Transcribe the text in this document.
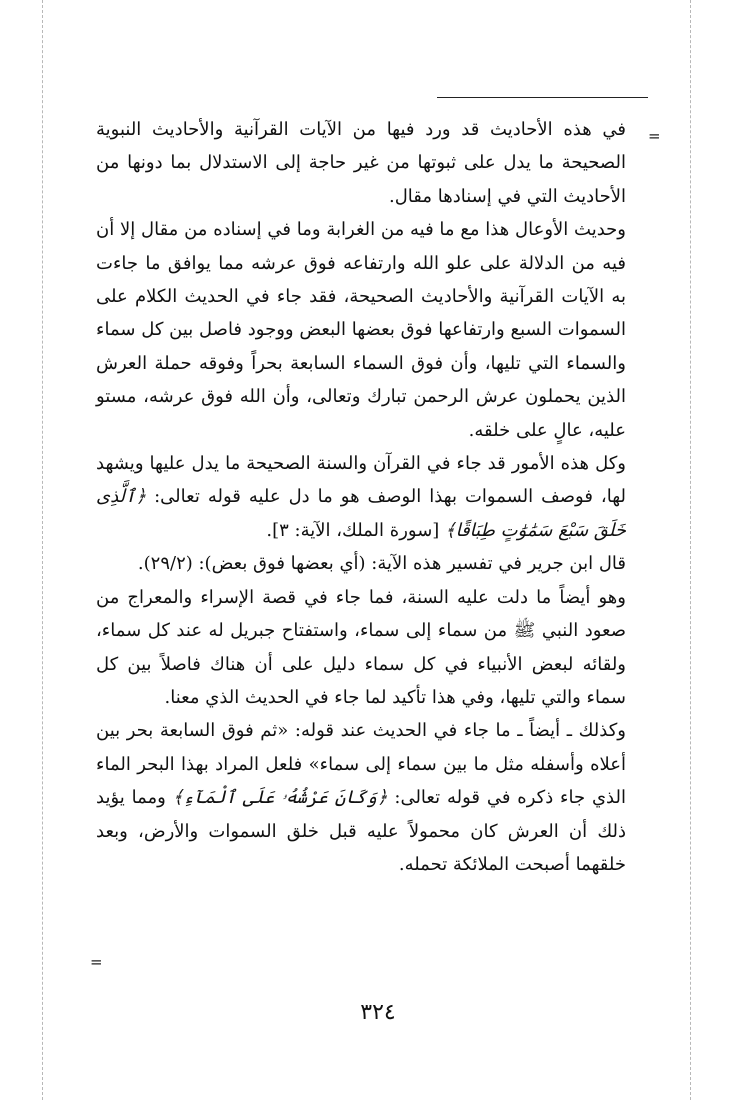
=

في هذه الأحاديث قد ورد فيها من الآيات القرآنية والأحاديث النبوية الصحيحة ما يدل على ثبوتها من غير حاجة إلى الاستدلال بما دونها من الأحاديث التي في إسنادها مقال.

وحديث الأوعال هذا مع ما فيه من الغرابة وما في إسناده من مقال إلا أن فيه من الدلالة على علو الله وارتفاعه فوق عرشه مما يوافق ما جاءت به الآيات القرآنية والأحاديث الصحيحة، فقد جاء في الحديث الكلام على السموات السبع وارتفاعها فوق بعضها البعض ووجود فاصل بين كل سماء والسماء التي تليها، وأن فوق السماء السابعة بحراً وفوقه حملة العرش الذين يحملون عرش الرحمن تبارك وتعالى، وأن الله فوق عرشه، مستو عليه، عالٍ على خلقه.

وكل هذه الأمور قد جاء في القرآن والسنة الصحيحة ما يدل عليها ويشهد لها، فوصف السموات بهذا الوصف هو ما دل عليه قوله تعالى: ﴿ٱلَّذِى خَلَقَ سَبْعَ سَمَٰوَٰتٍ طِبَاقًا﴾ [سورة الملك، الآية: ٣].

قال ابن جرير في تفسير هذه الآية: (أي بعضها فوق بعض): (٢٩/٢).

وهو أيضاً ما دلت عليه السنة، فما جاء في قصة الإسراء والمعراج من صعود النبي ﷺ من سماء إلى سماء، واستفتاح جبريل له عند كل سماء، ولقائه لبعض الأنبياء في كل سماء دليل على أن هناك فاصلاً بين كل سماء والتي تليها، وفي هذا تأكيد لما جاء في الحديث الذي معنا.

وكذلك ـ أيضاً ـ ما جاء في الحديث عند قوله: «ثم فوق السابعة بحر بين أعلاه وأسفله مثل ما بين سماء إلى سماء» فلعل المراد بهذا البحر الماء الذي جاء ذكره في قوله تعالى: ﴿وَكَانَ عَرْشُهُۥ عَلَى ٱلْمَآءِ﴾ ومما يؤيد ذلك أن العرش كان محمولاً عليه قبل خلق السموات والأرض، وبعد خلقهما أصبحت الملائكة تحمله.

=
٣٢٤
